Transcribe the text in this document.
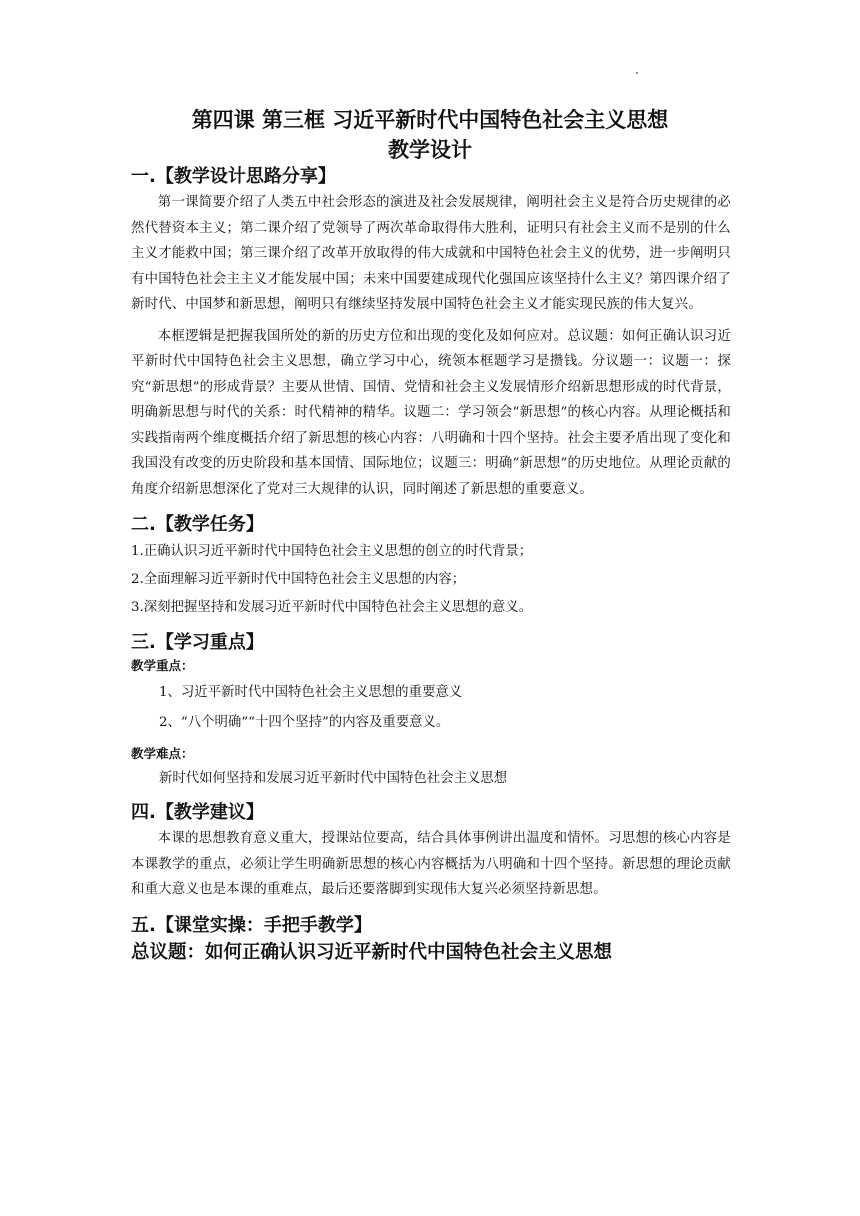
第四课 第三框 习近平新时代中国特色社会主义思想
教学设计

一.【教学设计思路分享】

第一课简要介绍了人类五中社会形态的演进及社会发展规律，阐明社会主义是符合历史规律的必然代替资本主义；第二课介绍了党领导了两次革命取得伟大胜利，证明只有社会主义而不是别的什么主义才能救中国；第三课介绍了改革开放取得的伟大成就和中国特色社会主义的优势，进一步阐明只有中国特色社会主主义才能发展中国；未来中国要建成现代化强国应该坚持什么主义？第四课介绍了新时代、中国梦和新思想，阐明只有继续坚持发展中国特色社会主义才能实现民族的伟大复兴。

本框逻辑是把握我国所处的新的历史方位和出现的变化及如何应对。总议题：如何正确认识习近平新时代中国特色社会主义思想，确立学习中心，统领本框题学习是攒钱。分议题一：议题一：探究“新思想”的形成背景？主要从世情、国情、党情和社会主义发展情形介绍新思想形成的时代背景，明确新思想与时代的关系：时代精神的精华。议题二：学习领会“新思想”的核心内容。从理论概括和实践指南两个维度概括介绍了新思想的核心内容：八明确和十四个坚持。社会主要矛盾出现了变化和我国没有改变的历史阶段和基本国情、国际地位；议题三：明确“新思想”的历史地位。从理论贡献的角度介绍新思想深化了党对三大规律的认识，同时阐述了新思想的重要意义。

二.【教学任务】

1.正确认识习近平新时代中国特色社会主义思想的创立的时代背景；

2.全面理解习近平新时代中国特色社会主义思想的内容；

3.深刻把握坚持和发展习近平新时代中国特色社会主义思想的意义。

三.【学习重点】

教学重点：

1、习近平新时代中国特色社会主义思想的重要意义

2、“八个明确”“十四个坚持”的内容及重要意义。

教学难点：

新时代如何坚持和发展习近平新时代中国特色社会主义思想

四.【教学建议】

本课的思想教育意义重大，授课站位要高，结合具体事例讲出温度和情怀。习思想的核心内容是本课教学的重点，必须让学生明确新思想的核心内容概括为八明确和十四个坚持。新思想的理论贡献和重大意义也是本课的重难点，最后还要落脚到实现伟大复兴必须坚持新思想。

五.【课堂实操：手把手教学】

总议题：如何正确认识习近平新时代中国特色社会主义思想
